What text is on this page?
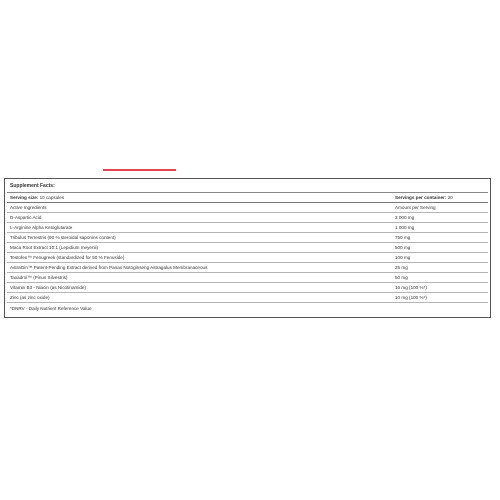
Supplement Facts:
Serving size: 10 capsules	Servings per container: 20
Active Ingredients	Amount per Serving
D-Aspartic Acid	3 000 mg
L-Arginine Alpha Ketoglutarate	1 000 mg
Tribulus Terrestris (90 % steroidal saponins content)	750 mg
Maca Root Extract 10:1 (Lepidium meyenii)	500 mg
Testofen™ Fenugreek (standardized for 50 % Fenuside)	100 mg
AstraGin™ Patent-Pending Extract derived from Panax Notoginseng Astragalus Membranaceous	25 mg
Taxadrol™ (Pinus Silvestris)	50 mg
Vitamin B3 - Niacin (as Nicotinamide)	16 mg (100 %*)
Zinc (as zinc oxide)	10 mg (100 %*)
*DNRV - Daily Nutrient Reference Value
